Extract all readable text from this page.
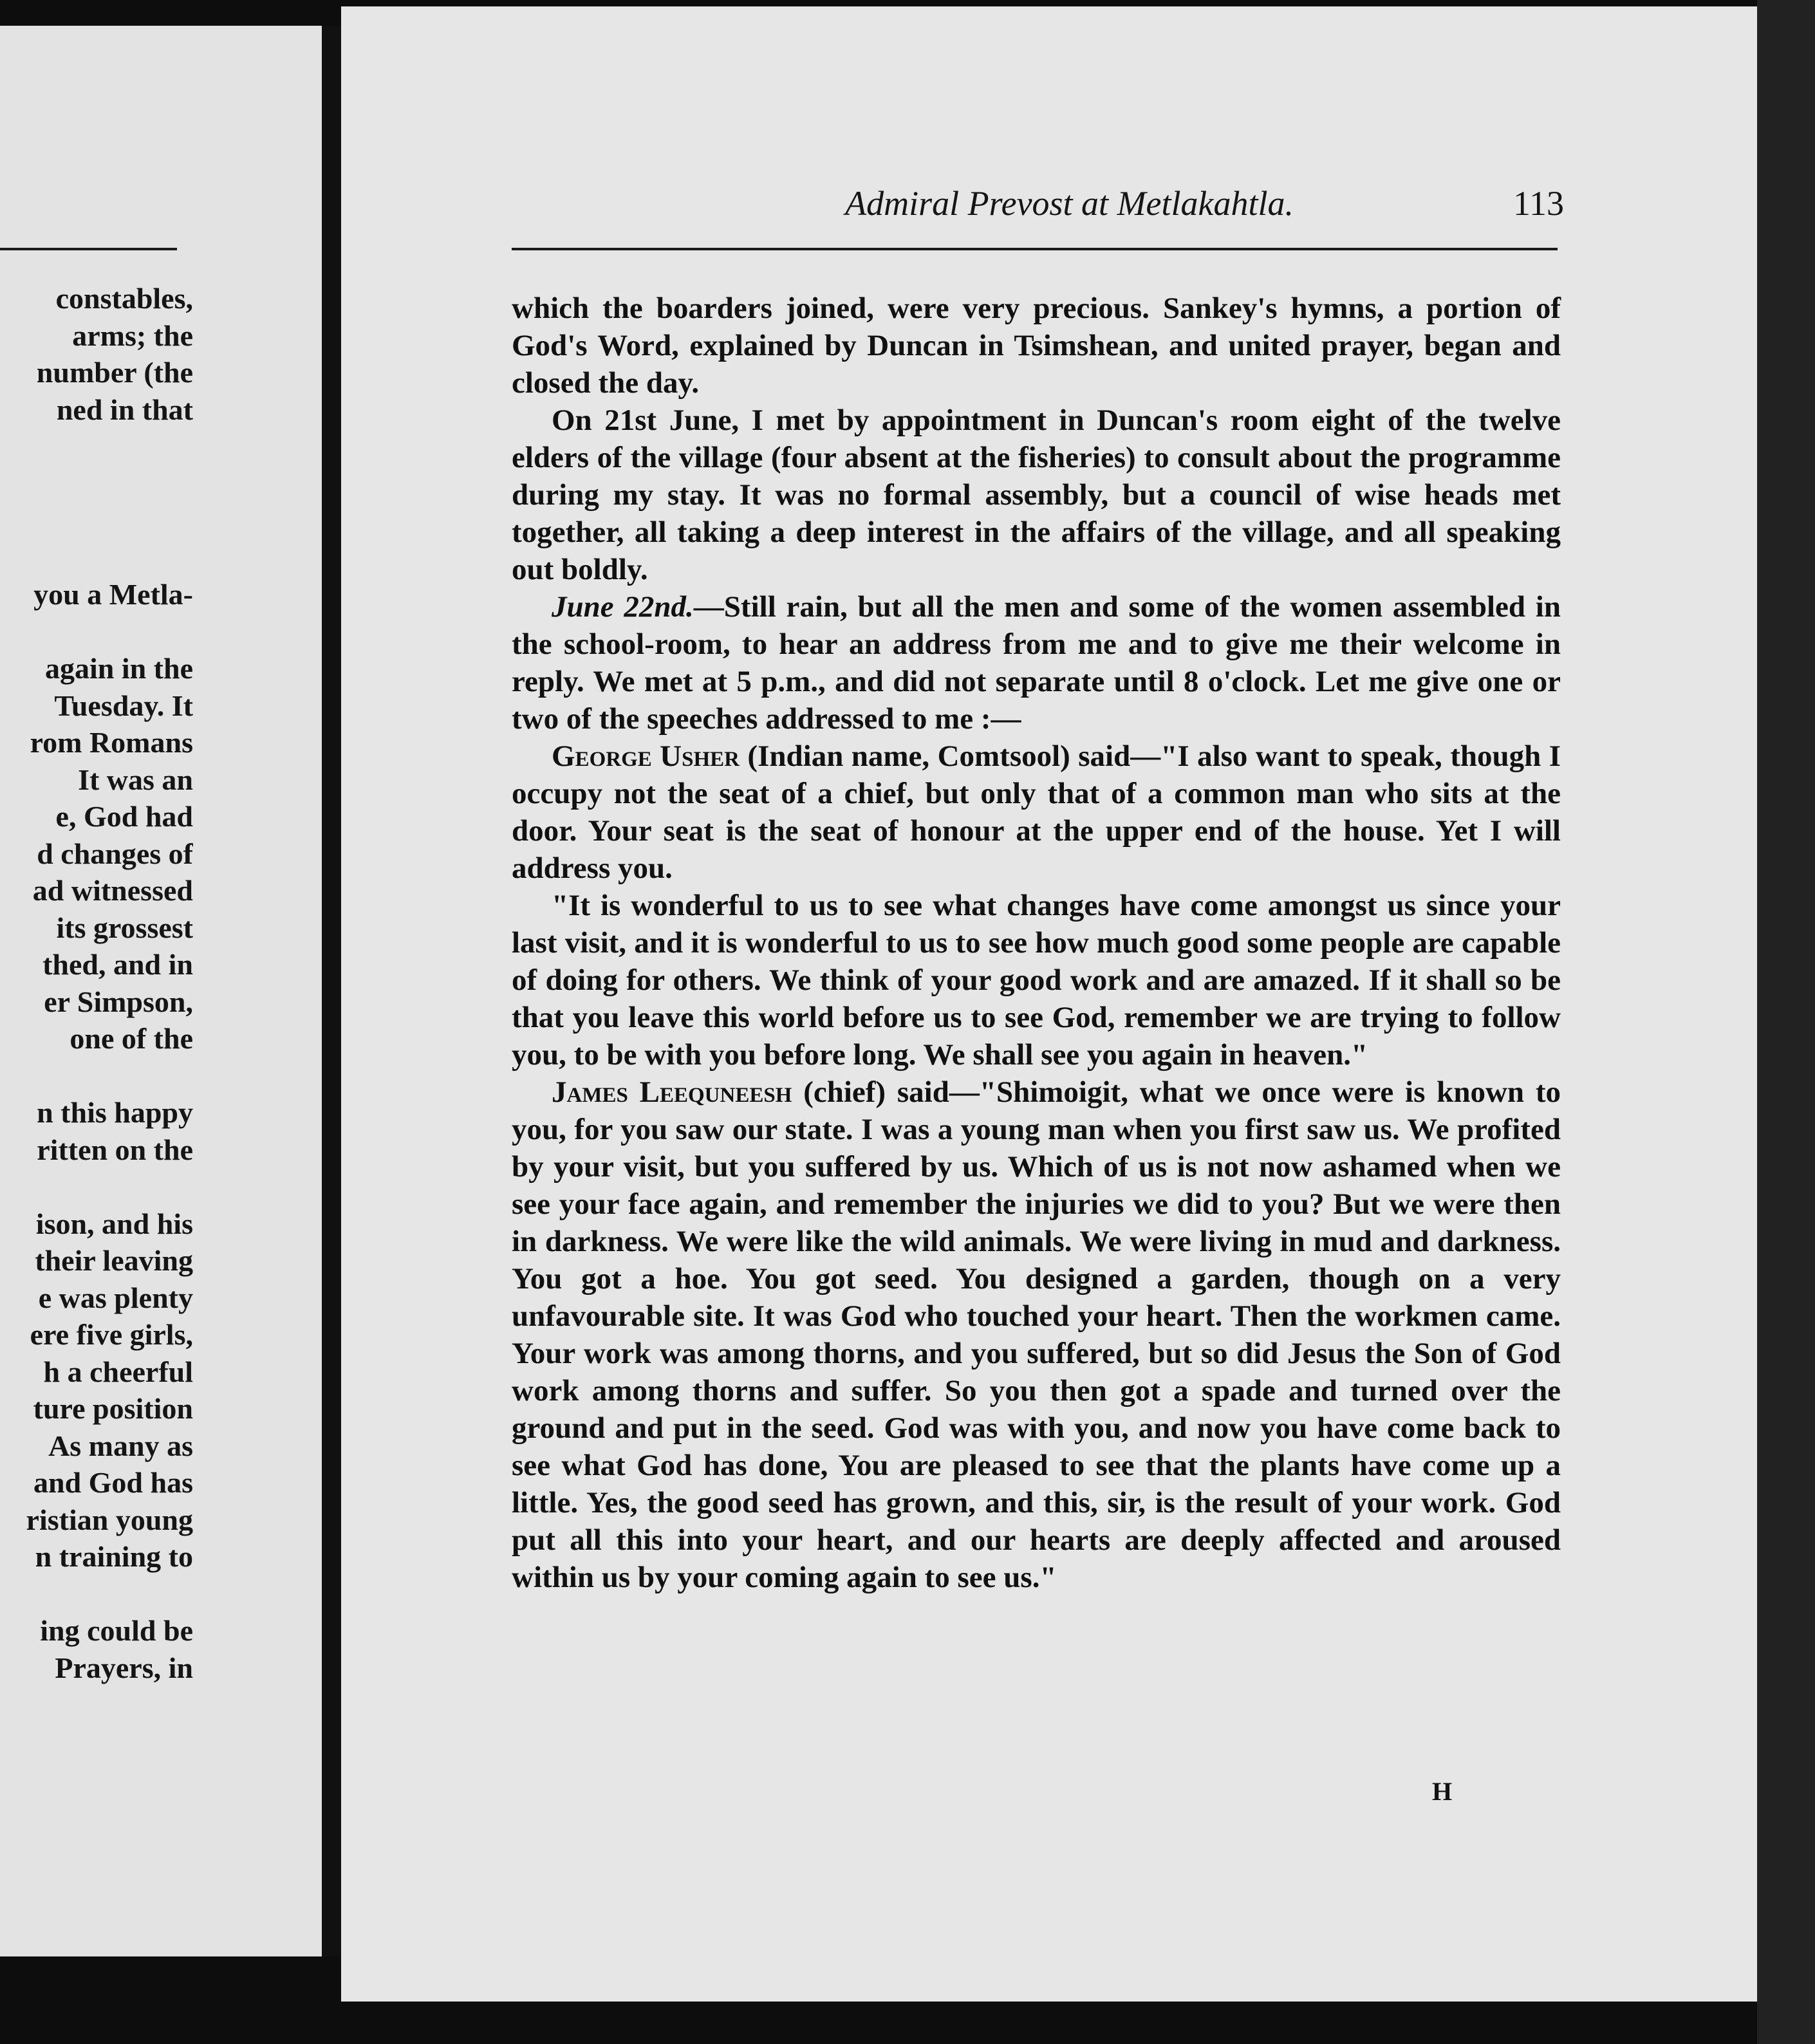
constables,
arms; the
number (the
ned in that
you a Metla-
again in the
Tuesday. It
rom Romans
It was an
e, God had
d changes of
ad witnessed
its grossest
thed, and in
er Simpson,
one of the
n this happy
ritten on the
ison, and his
their leaving
e was plenty
ere five girls,
h a cheerful
ture position
As many as
and God has
ristian young
n training to
ing could be
Prayers, in
Admiral Prevost at Metlakahtla.	113

which the boarders joined, were very precious. Sankey's hymns, a portion of God's Word, explained by Duncan in Tsimshean, and united prayer, began and closed the day.

On 21st June, I met by appointment in Duncan's room eight of the twelve elders of the village (four absent at the fisheries) to consult about the programme during my stay. It was no formal assembly, but a council of wise heads met together, all taking a deep interest in the affairs of the village, and all speaking out boldly.

June 22nd.—Still rain, but all the men and some of the women assembled in the school-room, to hear an address from me and to give me their welcome in reply. We met at 5 p.m., and did not separate until 8 o'clock. Let me give one or two of the speeches addressed to me :—

George Usher (Indian name, Comtsool) said—"I also want to speak, though I occupy not the seat of a chief, but only that of a common man who sits at the door. Your seat is the seat of honour at the upper end of the house. Yet I will address you.

"It is wonderful to us to see what changes have come amongst us since your last visit, and it is wonderful to us to see how much good some people are capable of doing for others. We think of your good work and are amazed. If it shall so be that you leave this world before us to see God, remember we are trying to follow you, to be with you before long. We shall see you again in heaven."

James Leequneesh (chief) said—"Shimoigit, what we once were is known to you, for you saw our state. I was a young man when you first saw us. We profited by your visit, but you suffered by us. Which of us is not now ashamed when we see your face again, and remember the injuries we did to you? But we were then in darkness. We were like the wild animals. We were living in mud and darkness. You got a hoe. You got seed. You designed a garden, though on a very unfavourable site. It was God who touched your heart. Then the workmen came. Your work was among thorns, and you suffered, but so did Jesus the Son of God work among thorns and suffer. So you then got a spade and turned over the ground and put in the seed. God was with you, and now you have come back to see what God has done, You are pleased to see that the plants have come up a little. Yes, the good seed has grown, and this, sir, is the result of your work. God put all this into your heart, and our hearts are deeply affected and aroused within us by your coming again to see us."

H
